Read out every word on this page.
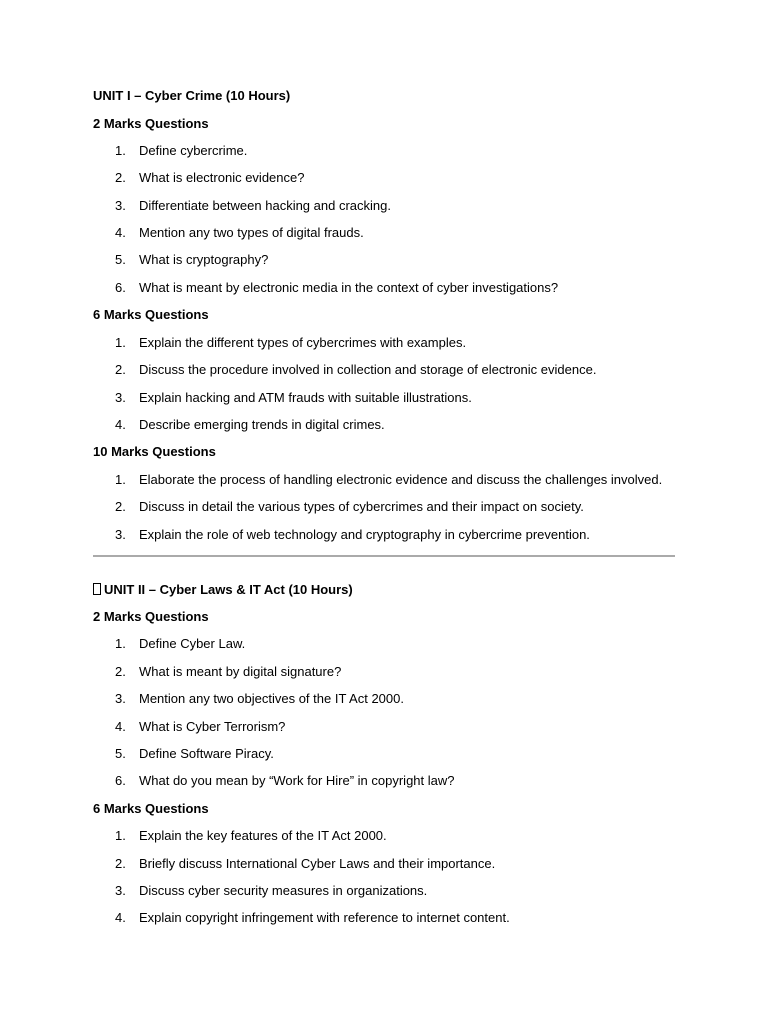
UNIT I – Cyber Crime (10 Hours)

2 Marks Questions

1. Define cybercrime.
2. What is electronic evidence?
3. Differentiate between hacking and cracking.
4. Mention any two types of digital frauds.
5. What is cryptography?
6. What is meant by electronic media in the context of cyber investigations?

6 Marks Questions

1. Explain the different types of cybercrimes with examples.
2. Discuss the procedure involved in collection and storage of electronic evidence.
3. Explain hacking and ATM frauds with suitable illustrations.
4. Describe emerging trends in digital crimes.

10 Marks Questions

1. Elaborate the process of handling electronic evidence and discuss the challenges involved.
2. Discuss in detail the various types of cybercrimes and their impact on society.
3. Explain the role of web technology and cryptography in cybercrime prevention.

UNIT II – Cyber Laws & IT Act (10 Hours)

2 Marks Questions

1. Define Cyber Law.
2. What is meant by digital signature?
3. Mention any two objectives of the IT Act 2000.
4. What is Cyber Terrorism?
5. Define Software Piracy.
6. What do you mean by “Work for Hire” in copyright law?

6 Marks Questions

1. Explain the key features of the IT Act 2000.
2. Briefly discuss International Cyber Laws and their importance.
3. Discuss cyber security measures in organizations.
4. Explain copyright infringement with reference to internet content.
